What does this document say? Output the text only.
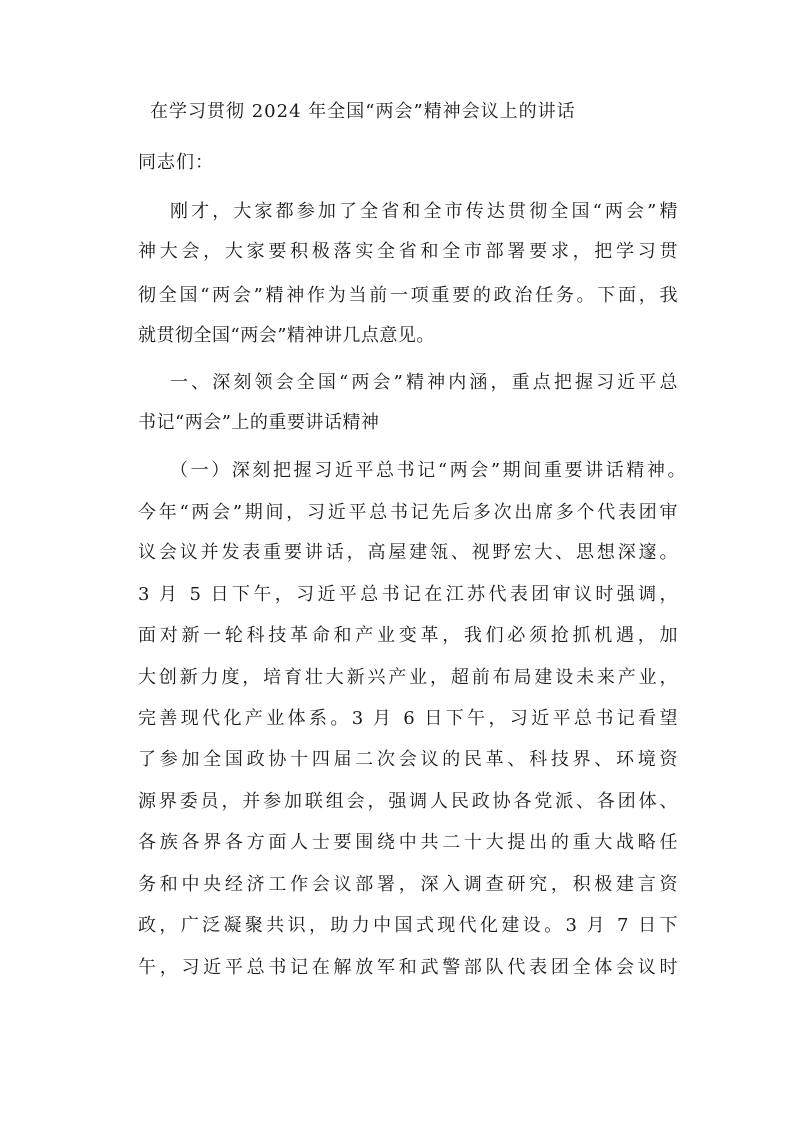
在学习贯彻 2024 年全国“两会”精神会议上的讲话
同志们：
刚才，大家都参加了全省和全市传达贯彻全国“两会”精
神大会，大家要积极落实全省和全市部署要求，把学习贯
彻全国“两会”精神作为当前一项重要的政治任务。下面，我
就贯彻全国“两会”精神讲几点意见。
一、深刻领会全国“两会”精神内涵，重点把握习近平总
书记“两会”上的重要讲话精神
（一）深刻把握习近平总书记“两会”期间重要讲话精神。
今年“两会”期间，习近平总书记先后多次出席多个代表团审
议会议并发表重要讲话，高屋建瓴、视野宏大、思想深邃。
3 月 5 日下午，习近平总书记在江苏代表团审议时强调，
面对新一轮科技革命和产业变革，我们必须抢抓机遇，加
大创新力度，培育壮大新兴产业，超前布局建设未来产业，
完善现代化产业体系。3 月 6 日下午，习近平总书记看望
了参加全国政协十四届二次会议的民革、科技界、环境资
源界委员，并参加联组会，强调人民政协各党派、各团体、
各族各界各方面人士要围绕中共二十大提出的重大战略任
务和中央经济工作会议部署，深入调查研究，积极建言资
政，广泛凝聚共识，助力中国式现代化建设。3 月 7 日下
午，习近平总书记在解放军和武警部队代表团全体会议时
